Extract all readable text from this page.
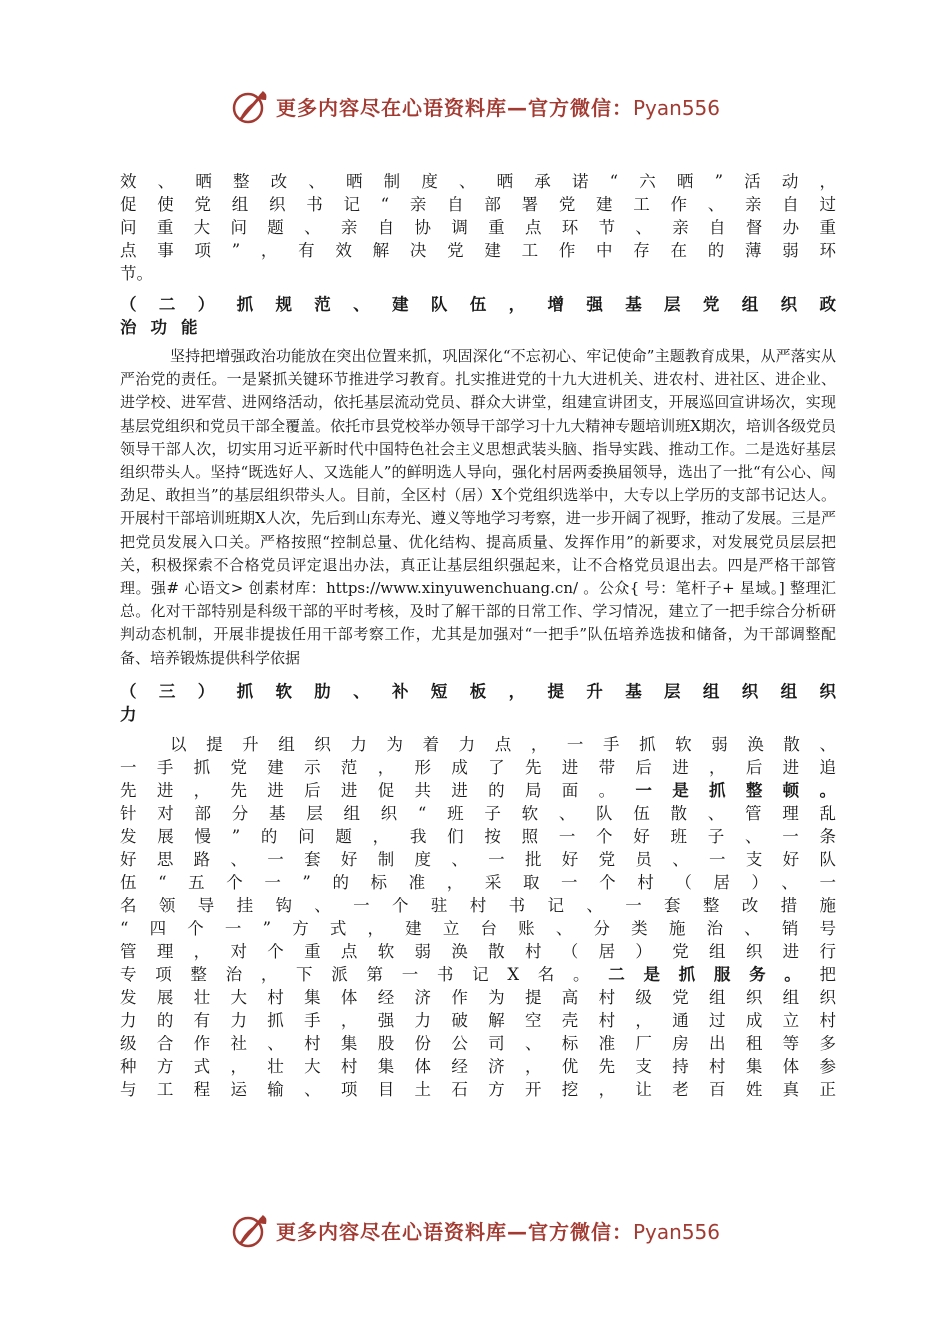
更多内容尽在心语资料库—官方微信：Pyan556
效、晒整改、晒制度、晒承诺“六晒”活动，
促使党组织书记“亲自部署党建工作、亲自过
问重大问题、亲自协调重点环节、亲自督办重
点事项”，有效解决党建工作中存在的薄弱环
节。
（二）抓规范、建队伍，增强基层党组织政
治功能

坚持把增强政治功能放在突出位置来抓，巩固深化“不忘初心、牢记使命”主题教育成果，从严落实从严治党的责任。一是紧抓关键环节推进学习教育。扎实推进党的十九大进机关、进农村、进社区、进企业、进学校、进军营、进网络活动，依托基层流动党员、群众大讲堂，组建宣讲团支，开展巡回宣讲场次，实现基层党组织和党员干部全覆盖。依托市县党校举办领导干部学习十九大精神专题培训班X期次，培训各级党员领导干部人次，切实用习近平新时代中国特色社会主义思想武装头脑、指导实践、推动工作。二是选好基层组织带头人。坚持“既选好人、又选能人”的鲜明选人导向，强化村居两委换届领导，选出了一批“有公心、闯劲足、敢担当”的基层组织带头人。目前，全区村（居）X个党组织选举中，大专以上学历的支部书记达人。开展村干部培训班期X人次，先后到山东寿光、遵义等地学习考察，进一步开阔了视野，推动了发展。三是严把党员发展入口关。严格按照“控制总量、优化结构、提高质量、发挥作用”的新要求，对发展党员层层把关，积极探索不合格党员评定退出办法，真正让基层组织强起来，让不合格党员退出去。四是严格干部管理。强# 心语文> 创素材库：https://www.xinyuwenchuang.cn/ 。公众{ 号：笔杆子+ 星域。] 整理汇总。化对干部特别是科级干部的平时考核，及时了解干部的日常工作、学习情况，建立了一把手综合分析研判动态机制，开展非提拔任用干部考察工作，尤其是加强对“一把手”队伍培养选拔和储备，为干部调整配备、培养锻炼提供科学依据

（三）抓软肋、补短板，提升基层组织组织
力
以提升组织力为着力点，一手抓软弱涣散、
一手抓党建示范，形成了先进带后进，后进追
先进，先进后进促共进的局面。一是抓整顿。
针对部分基层组织“班子软、队伍散、管理乱
发展慢”的问题，我们按照一个好班子、一条
好思路、一套好制度、一批好党员、一支好队
伍“五个一”的标准，采取一个村（居）、一
名领导挂钩、一个驻村书记、一套整改措施
“四个一”方式，建立台账、分类施治、销号
管理，对个重点软弱涣散村（居）党组织进行
专项整治，下派第一书记X名。二是抓服务。把
发展壮大村集体经济作为提高村级党组织组织
力的有力抓手，强力破解空壳村，通过成立村
级合作社、村集股份公司、标准厂房出租等多
种方式，壮大村集体经济，优先支持村集体参
与工程运输、项目土石方开挖，让老百姓真正
更多内容尽在心语资料库—官方微信：Pyan556
